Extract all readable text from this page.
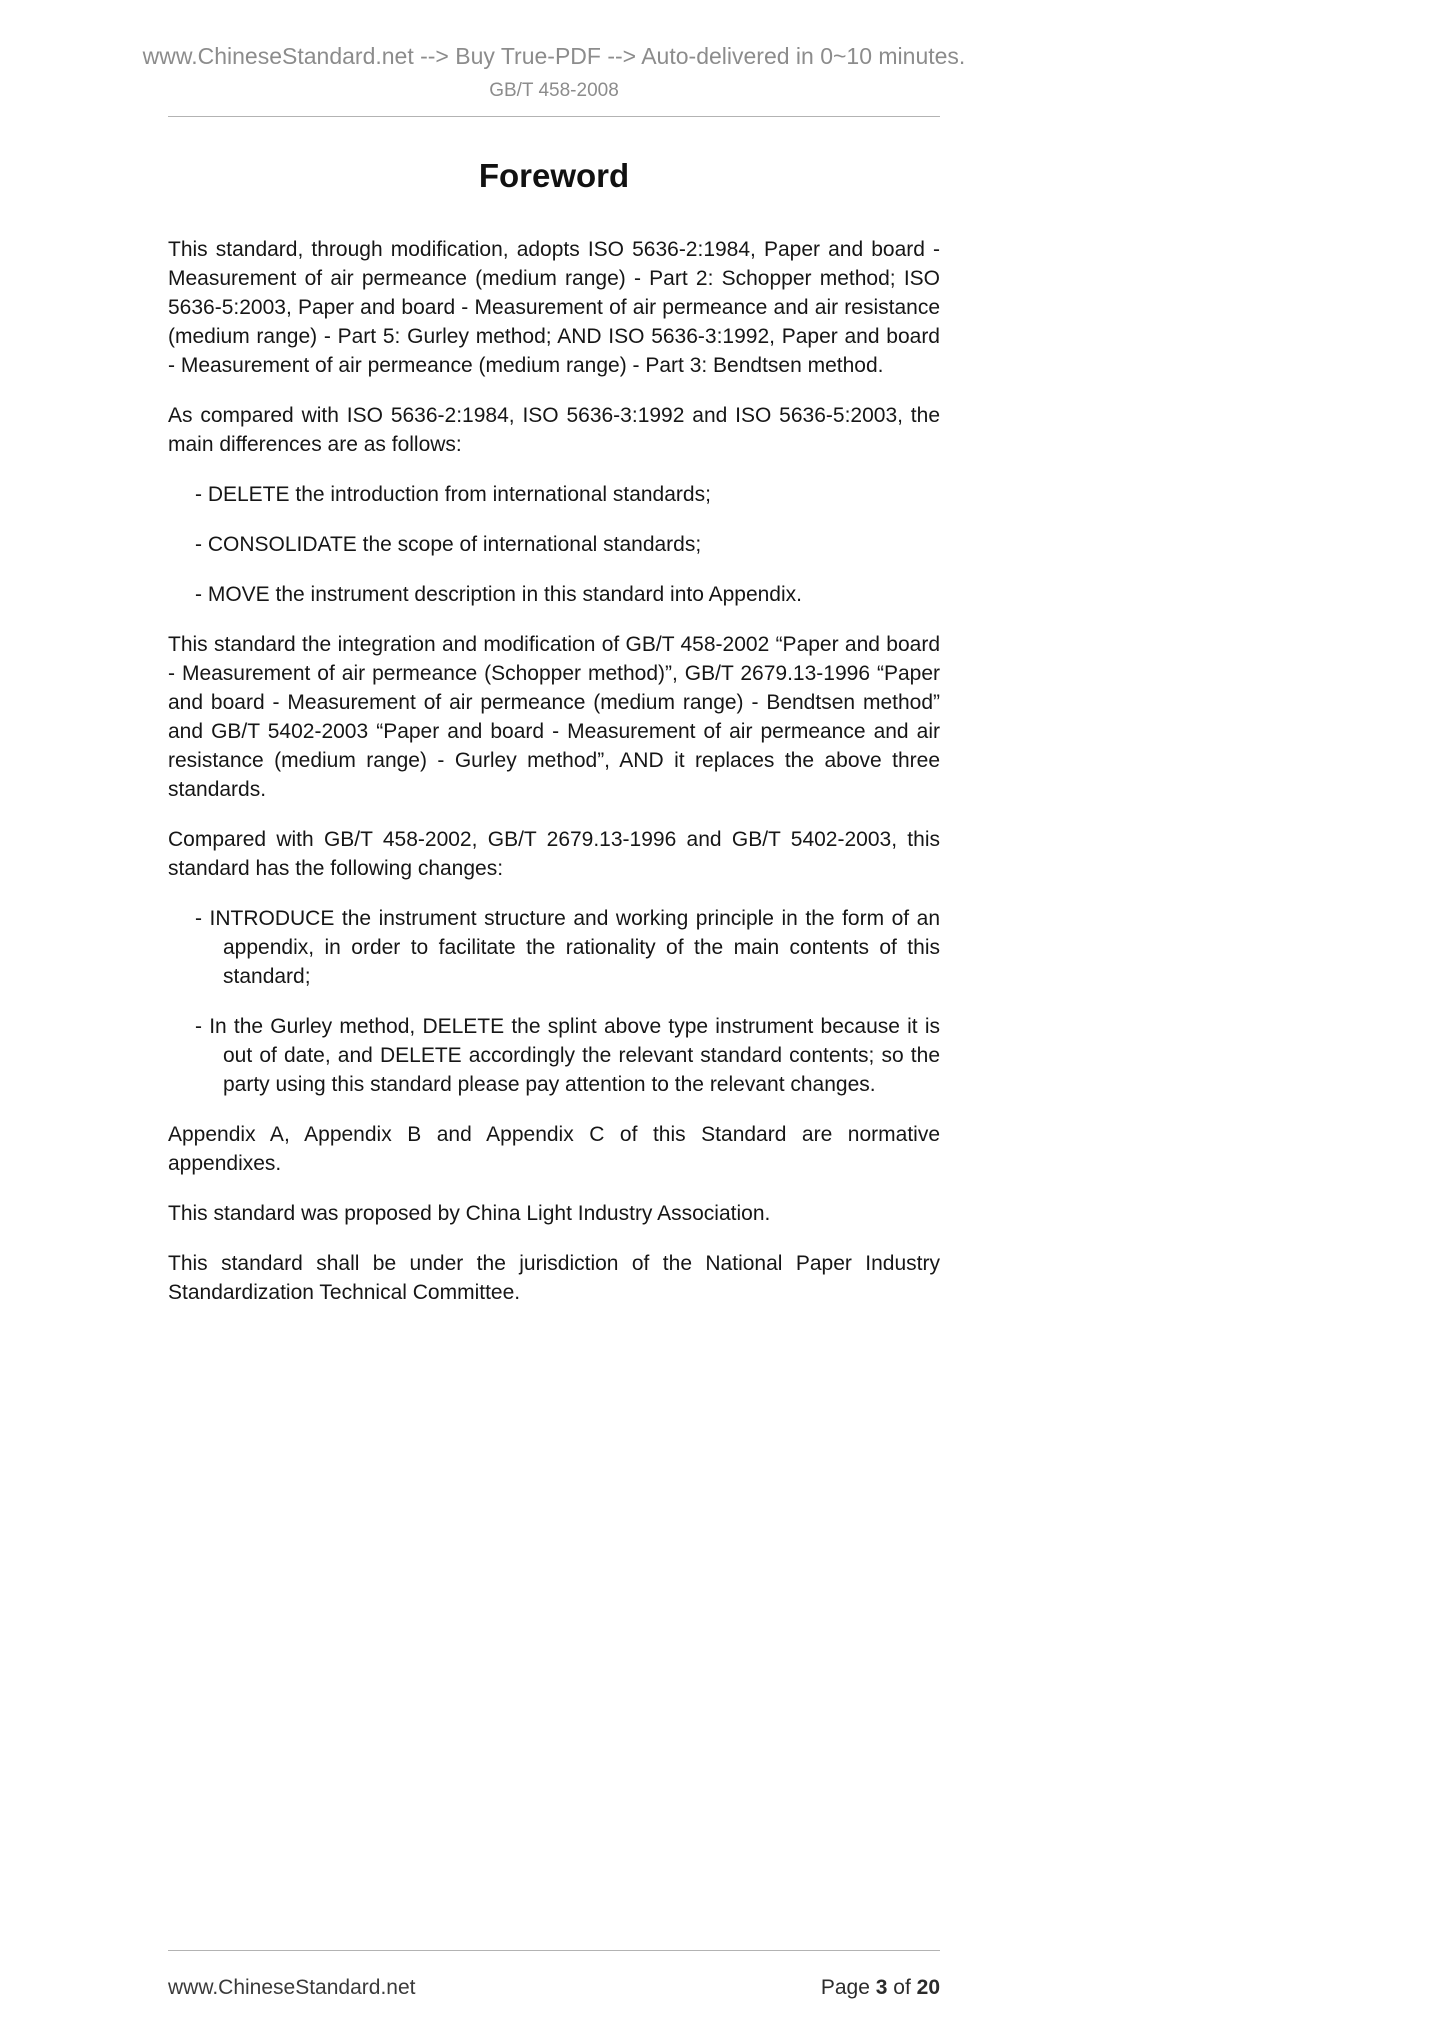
www.ChineseStandard.net --> Buy True-PDF --> Auto-delivered in 0~10 minutes.
GB/T 458-2008
Foreword
This standard, through modification, adopts ISO 5636-2:1984, Paper and board - Measurement of air permeance (medium range) - Part 2: Schopper method; ISO 5636-5:2003, Paper and board - Measurement of air permeance and air resistance (medium range) - Part 5: Gurley method; AND ISO 5636-3:1992, Paper and board - Measurement of air permeance (medium range) - Part 3: Bendtsen method.
As compared with ISO 5636-2:1984, ISO 5636-3:1992 and ISO 5636-5:2003, the main differences are as follows:
- DELETE the introduction from international standards;
- CONSOLIDATE the scope of international standards;
- MOVE the instrument description in this standard into Appendix.
This standard the integration and modification of GB/T 458-2002 “Paper and board - Measurement of air permeance (Schopper method)”, GB/T 2679.13-1996 “Paper and board - Measurement of air permeance (medium range) - Bendtsen method” and GB/T 5402-2003 “Paper and board - Measurement of air permeance and air resistance (medium range) - Gurley method”, AND it replaces the above three standards.
Compared with GB/T 458-2002, GB/T 2679.13-1996 and GB/T 5402-2003, this standard has the following changes:
- INTRODUCE the instrument structure and working principle in the form of an appendix, in order to facilitate the rationality of the main contents of this standard;
- In the Gurley method, DELETE the splint above type instrument because it is out of date, and DELETE accordingly the relevant standard contents; so the party using this standard please pay attention to the relevant changes.
Appendix A, Appendix B and Appendix C of this Standard are normative appendixes.
This standard was proposed by China Light Industry Association.
This standard shall be under the jurisdiction of the National Paper Industry Standardization Technical Committee.
www.ChineseStandard.net	Page 3 of 20
